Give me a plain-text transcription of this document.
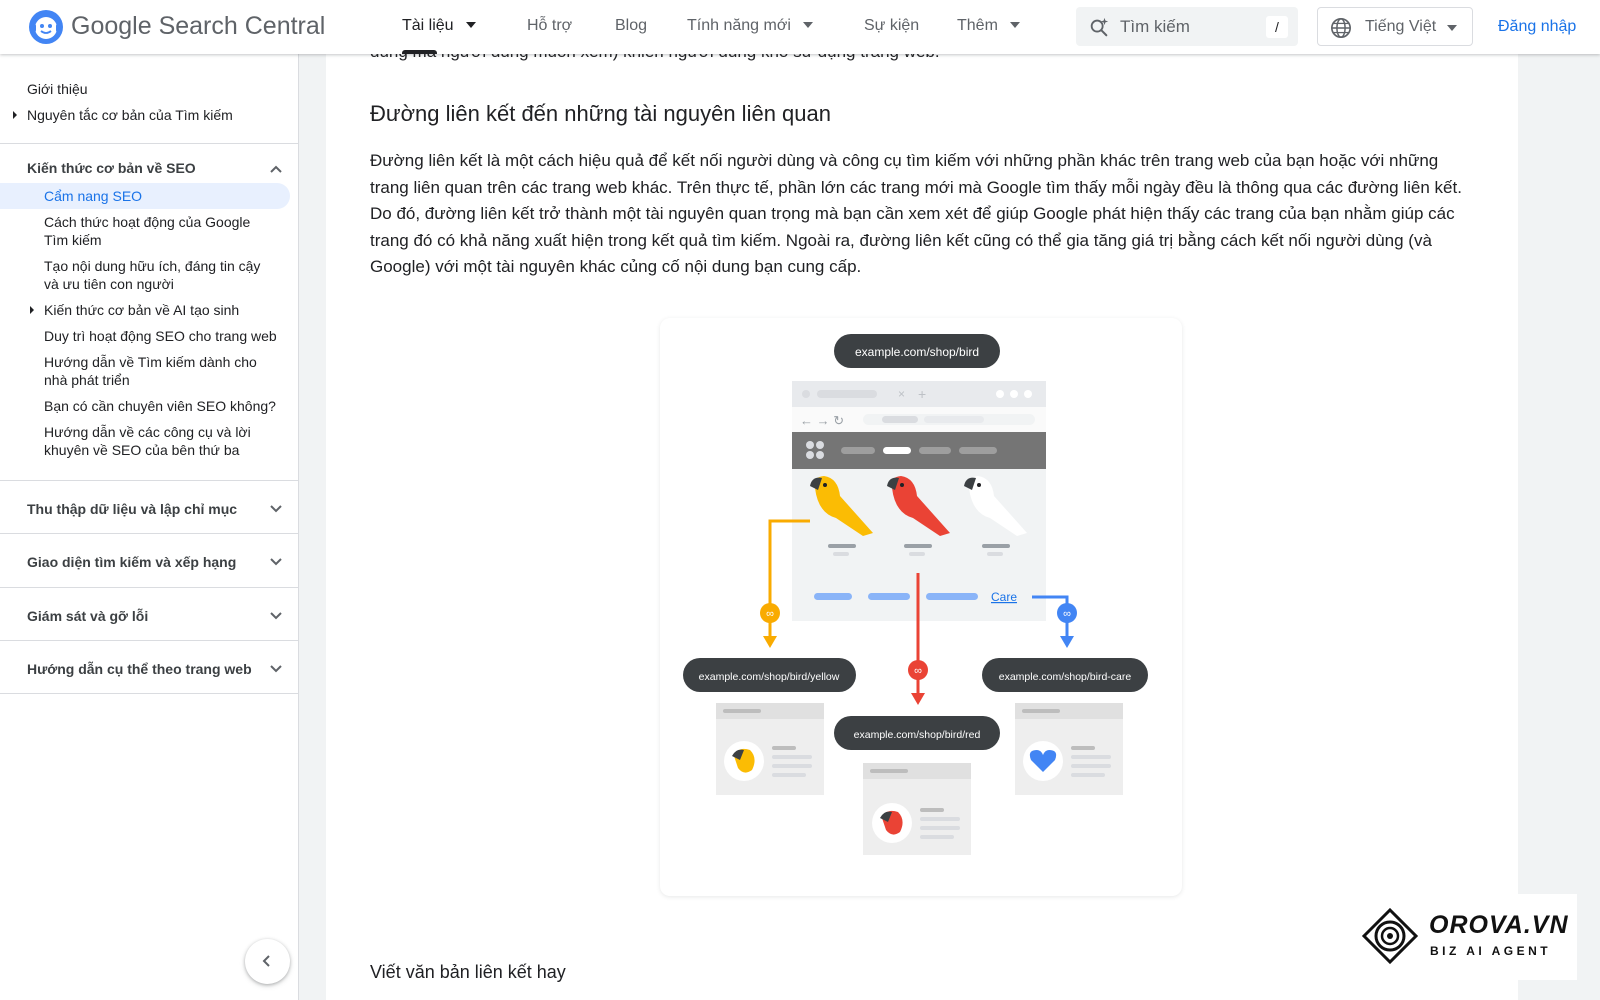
Google Search Central	Tài liệu	Hỗ trợ	Blog Tính năng mới	Sự kiện Thêm
Tìm kiếm	/	Tiếng Việt	Đăng nhập
Giới thiệu
Nguyên tắc cơ bản của Tìm kiếm
Kiến thức cơ bản về SEO
Cẩm nang SEO
Cách thức hoạt động của Google Tìm kiếm
Tạo nội dung hữu ích, đáng tin cậy và ưu tiên con người
Kiến thức cơ bản về AI tạo sinh
Duy trì hoạt động SEO cho trang web
Hướng dẫn về Tìm kiếm dành cho nhà phát triển
Bạn có cần chuyên viên SEO không?
Hướng dẫn về các công cụ và lời khuyên về SEO của bên thứ ba
Thu thập dữ liệu và lập chỉ mục
Giao diện tìm kiếm và xếp hạng
Giám sát và gỡ lỗi
Hướng dẫn cụ thể theo trang web
Đường liên kết đến những tài nguyên liên quan

Đường liên kết là một cách hiệu quả để kết nối người dùng và công cụ tìm kiếm với những phần khác trên trang web của bạn hoặc với những trang liên quan trên các trang web khác. Trên thực tế, phần lớn các trang mới mà Google tìm thấy mỗi ngày đều là thông qua các đường liên kết. Do đó, đường liên kết trở thành một tài nguyên quan trọng mà bạn cần xem xét để giúp Google phát hiện thấy các trang của bạn nhằm giúp các trang đó có khả năng xuất hiện trong kết quả tìm kiếm. Ngoài ra, đường liên kết cũng có thể gia tăng giá trị bằng cách kết nối người dùng (và Google) với một tài nguyên khác củng cố nội dung bạn cung cấp.

example.com/shop/bird
× +
← → ↻
Care
∞
∞
∞
example.com/shop/bird/yellow
example.com/shop/bird/red
example.com/shop/bird-care
Viết văn bản liên kết hay
OROVA.VN
BIZ AI AGENT
